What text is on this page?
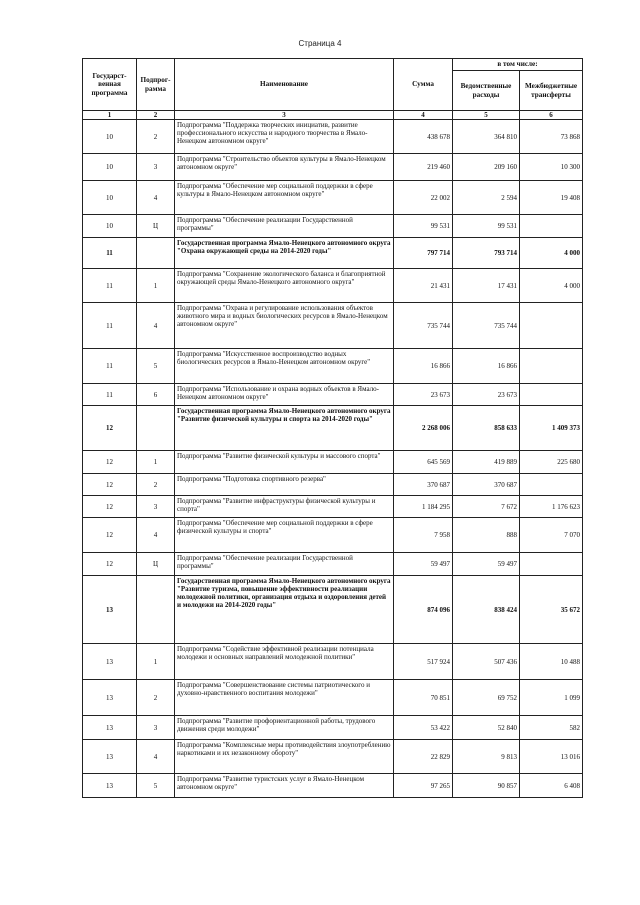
Страница 4
Государст-венная программа	Подпрог-рамма	Наименование	Сумма	в том числе:	
				Ведомственные расходы	Межбюджетные трансферты
1	2	3	4	5	6
10	2	Подпрограмма "Поддержка творческих инициатив, развитие профессионального искусства и народного творчества в Ямало-Ненецком автономном округе"	438 678	364 810	73 868
10	3	Подпрограмма "Строительство объектов культуры в Ямало-Ненецком автономном округе"	219 460	209 160	10 300
10	4	Подпрограмма "Обеспечение мер социальной поддержки в сфере культуры в Ямало-Ненецком автономном округе"	22 002	2 594	19 408
10	Ц	Подпрограмма "Обеспечение реализации Государственной программы"	99 531	99 531	
11		Государственная программа Ямало-Ненецкого автономного округа "Охрана окружающей среды на 2014-2020 годы"	797 714	793 714	4 000
11	1	Подпрограмма "Сохранение экологического баланса и благоприятной окружающей среды Ямало-Ненецкого автономного округа"	21 431	17 431	4 000
11	4	Подпрограмма "Охрана и регулирование использования объектов животного мира и водных биологических ресурсов в Ямало-Ненецком автономном округе"	735 744	735 744	
11	5	Подпрограмма "Искусственное воспроизводство водных биологических ресурсов в Ямало-Ненецком автономном округе"	16 866	16 866	
11	6	Подпрограмма "Использование и охрана водных объектов в Ямало-Ненецком автономном округе"	23 673	23 673	
12		Государственная программа Ямало-Ненецкого автономного округа "Развитие физической культуры и спорта на 2014-2020 годы"	2 268 006	858 633	1 409 373
12	1	Подпрограмма "Развитие физической культуры и массового спорта"	645 569	419 889	225 680
12	2	Подпрограмма "Подготовка спортивного резерва"	370 687	370 687	
12	3	Подпрограмма "Развитие инфраструктуры физической культуры и спорта"	1 184 295	7 672	1 176 623
12	4	Подпрограмма "Обеспечение мер социальной поддержки в сфере физической культуры и спорта"	7 958	888	7 070
12	Ц	Подпрограмма "Обеспечение реализации Государственной программы"	59 497	59 497	
13		Государственная программа Ямало-Ненецкого автономного округа "Развитие туризма, повышение эффективности реализации молодежной политики, организация отдыха и оздоровления детей и молодежи на 2014-2020 годы"	874 096	838 424	35 672
13	1	Подпрограмма "Содействие эффективной реализации потенциала молодежи и основных направлений молодежной политики"	517 924	507 436	10 488
13	2	Подпрограмма "Совершенствование системы патриотического и духовно-нравственного воспитания молодежи"	70 851	69 752	1 099
13	3	Подпрограмма "Развитие профориентационной работы, трудового движения среди молодежи"	53 422	52 840	582
13	4	Подпрограмма "Комплексные меры противодействия злоупотреблению наркотиками и их незаконному обороту"	22 829	9 813	13 016
13	5	Подпрограмма "Развитие туристских услуг в Ямало-Ненецком автономном округе"	97 265	90 857	6 408
